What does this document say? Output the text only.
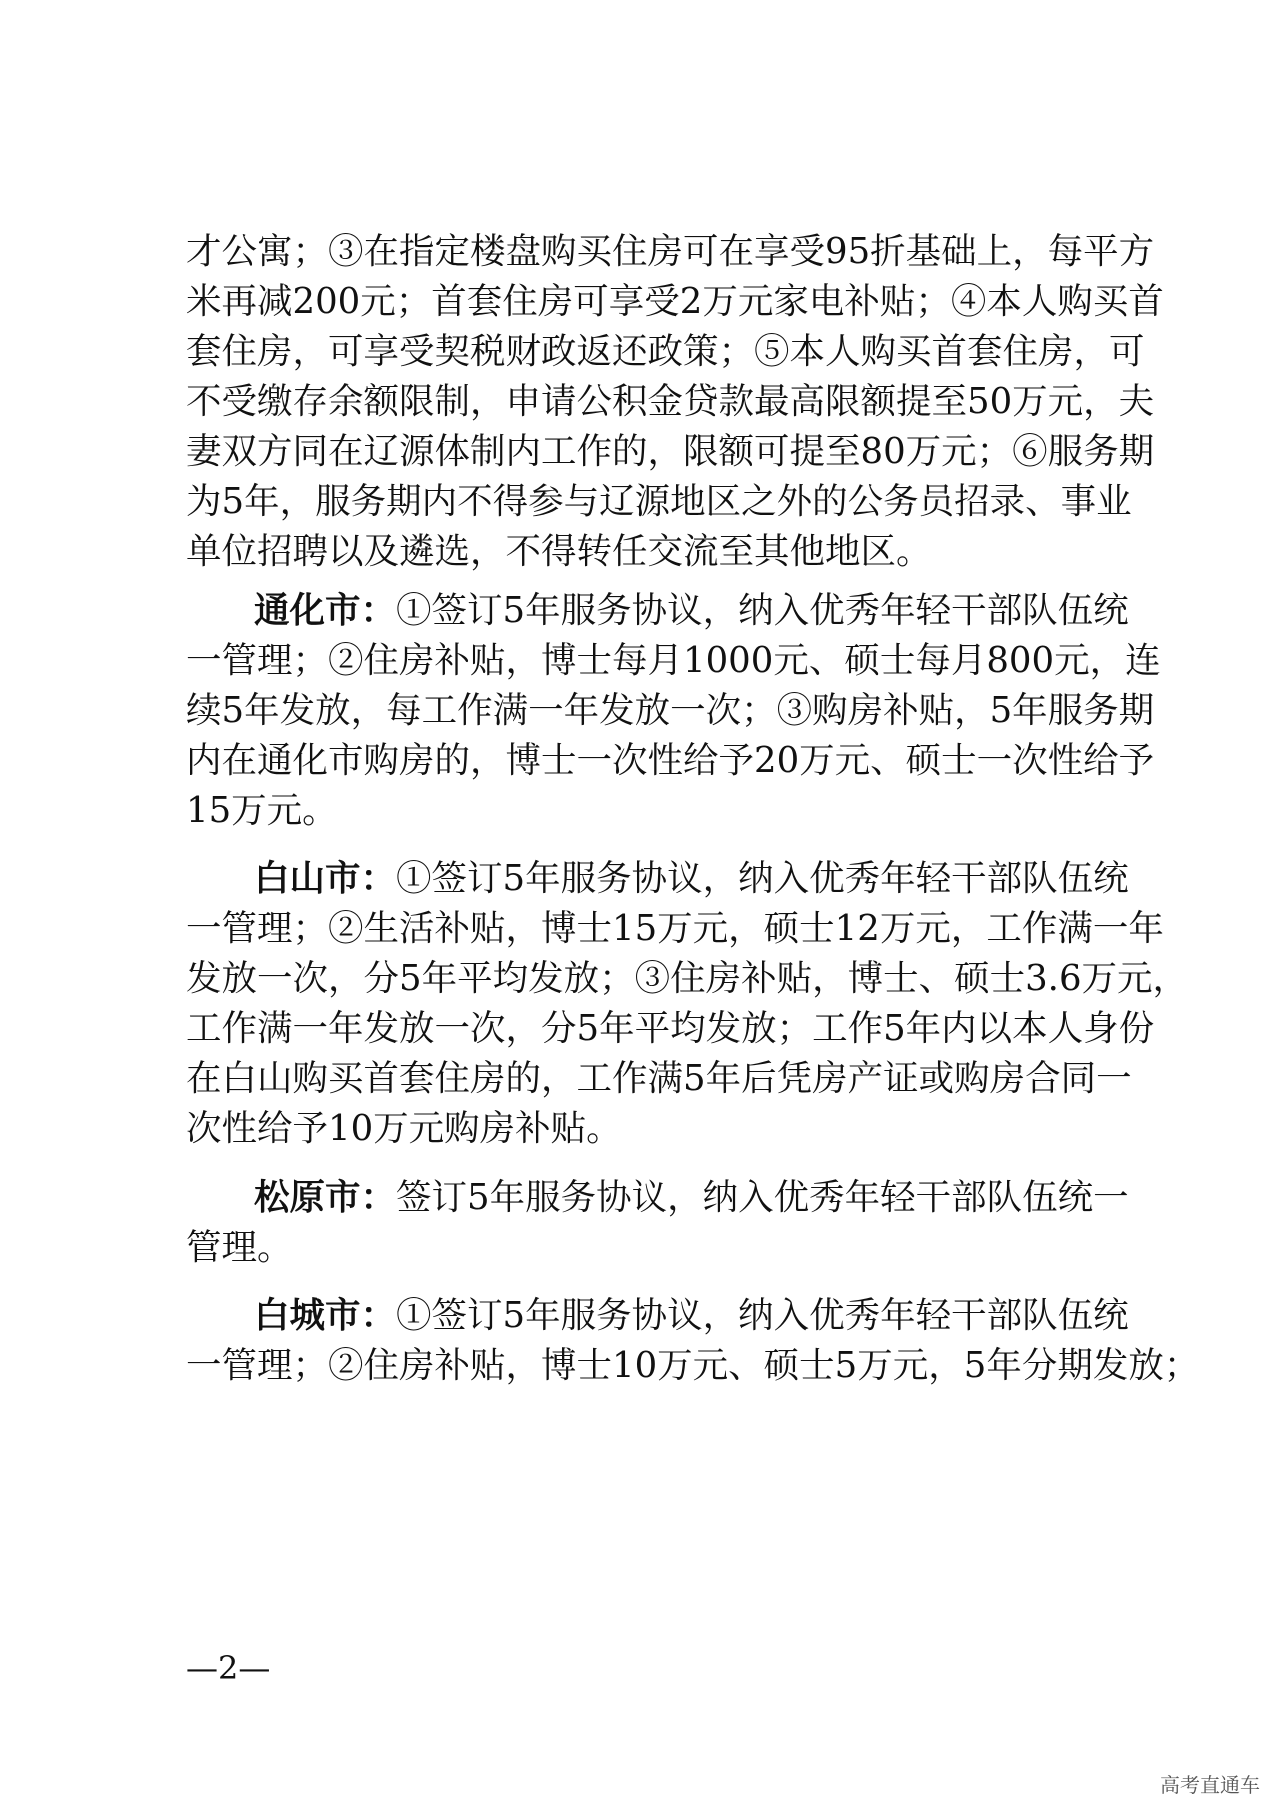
才公寓；③在指定楼盘购买住房可在享受95折基础上，每平方
米再减200元；首套住房可享受2万元家电补贴；④本人购买首
套住房，可享受契税财政返还政策；⑤本人购买首套住房，可
不受缴存余额限制，申请公积金贷款最高限额提至50万元，夫
妻双方同在辽源体制内工作的，限额可提至80万元；⑥服务期
为5年，服务期内不得参与辽源地区之外的公务员招录、事业
单位招聘以及遴选，不得转任交流至其他地区。
通化市：①签订5年服务协议，纳入优秀年轻干部队伍统
一管理；②住房补贴，博士每月1000元、硕士每月800元，连
续5年发放，每工作满一年发放一次；③购房补贴，5年服务期
内在通化市购房的，博士一次性给予20万元、硕士一次性给予
15万元。
白山市：①签订5年服务协议，纳入优秀年轻干部队伍统
一管理；②生活补贴，博士15万元，硕士12万元，工作满一年
发放一次，分5年平均发放；③住房补贴，博士、硕士3.6万元，
工作满一年发放一次，分5年平均发放；工作5年内以本人身份
在白山购买首套住房的，工作满5年后凭房产证或购房合同一
次性给予10万元购房补贴。
松原市：签订5年服务协议，纳入优秀年轻干部队伍统一
管理。
白城市：①签订5年服务协议，纳入优秀年轻干部队伍统
一管理；②住房补贴，博士10万元、硕士5万元，5年分期发放；
—2—
高考直通车
